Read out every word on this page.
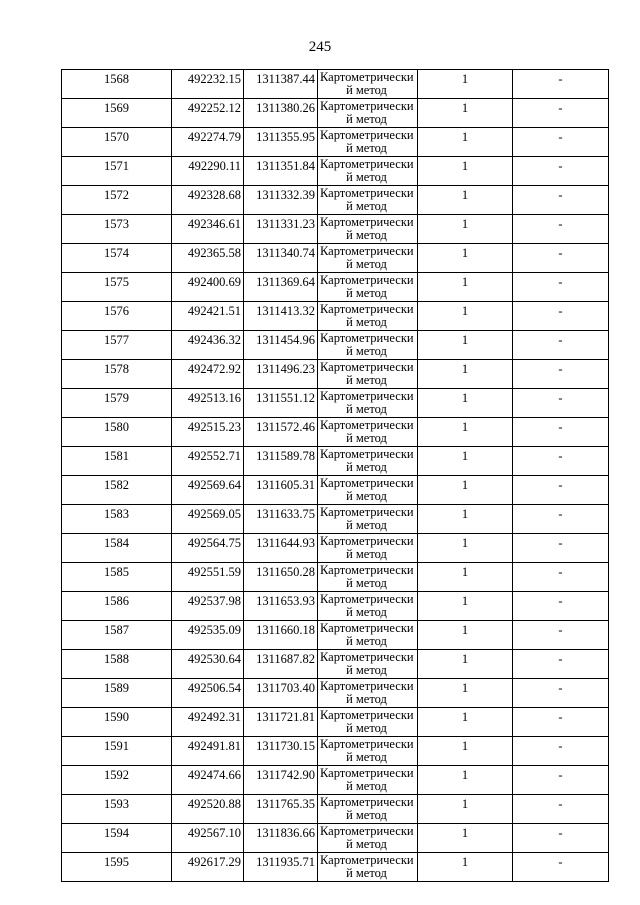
245
1568	492232.15	1311387.44	Картометрически
й метод	1	-
1569	492252.12	1311380.26	Картометрически
й метод	1	-
1570	492274.79	1311355.95	Картометрически
й метод	1	-
1571	492290.11	1311351.84	Картометрически
й метод	1	-
1572	492328.68	1311332.39	Картометрически
й метод	1	-
1573	492346.61	1311331.23	Картометрически
й метод	1	-
1574	492365.58	1311340.74	Картометрически
й метод	1	-
1575	492400.69	1311369.64	Картометрически
й метод	1	-
1576	492421.51	1311413.32	Картометрически
й метод	1	-
1577	492436.32	1311454.96	Картометрически
й метод	1	-
1578	492472.92	1311496.23	Картометрически
й метод	1	-
1579	492513.16	1311551.12	Картометрически
й метод	1	-
1580	492515.23	1311572.46	Картометрически
й метод	1	-
1581	492552.71	1311589.78	Картометрически
й метод	1	-
1582	492569.64	1311605.31	Картометрически
й метод	1	-
1583	492569.05	1311633.75	Картометрически
й метод	1	-
1584	492564.75	1311644.93	Картометрически
й метод	1	-
1585	492551.59	1311650.28	Картометрически
й метод	1	-
1586	492537.98	1311653.93	Картометрически
й метод	1	-
1587	492535.09	1311660.18	Картометрически
й метод	1	-
1588	492530.64	1311687.82	Картометрически
й метод	1	-
1589	492506.54	1311703.40	Картометрически
й метод	1	-
1590	492492.31	1311721.81	Картометрически
й метод	1	-
1591	492491.81	1311730.15	Картометрически
й метод	1	-
1592	492474.66	1311742.90	Картометрически
й метод	1	-
1593	492520.88	1311765.35	Картометрически
й метод	1	-
1594	492567.10	1311836.66	Картометрически
й метод	1	-
1595	492617.29	1311935.71	Картометрически
й метод	1	-
